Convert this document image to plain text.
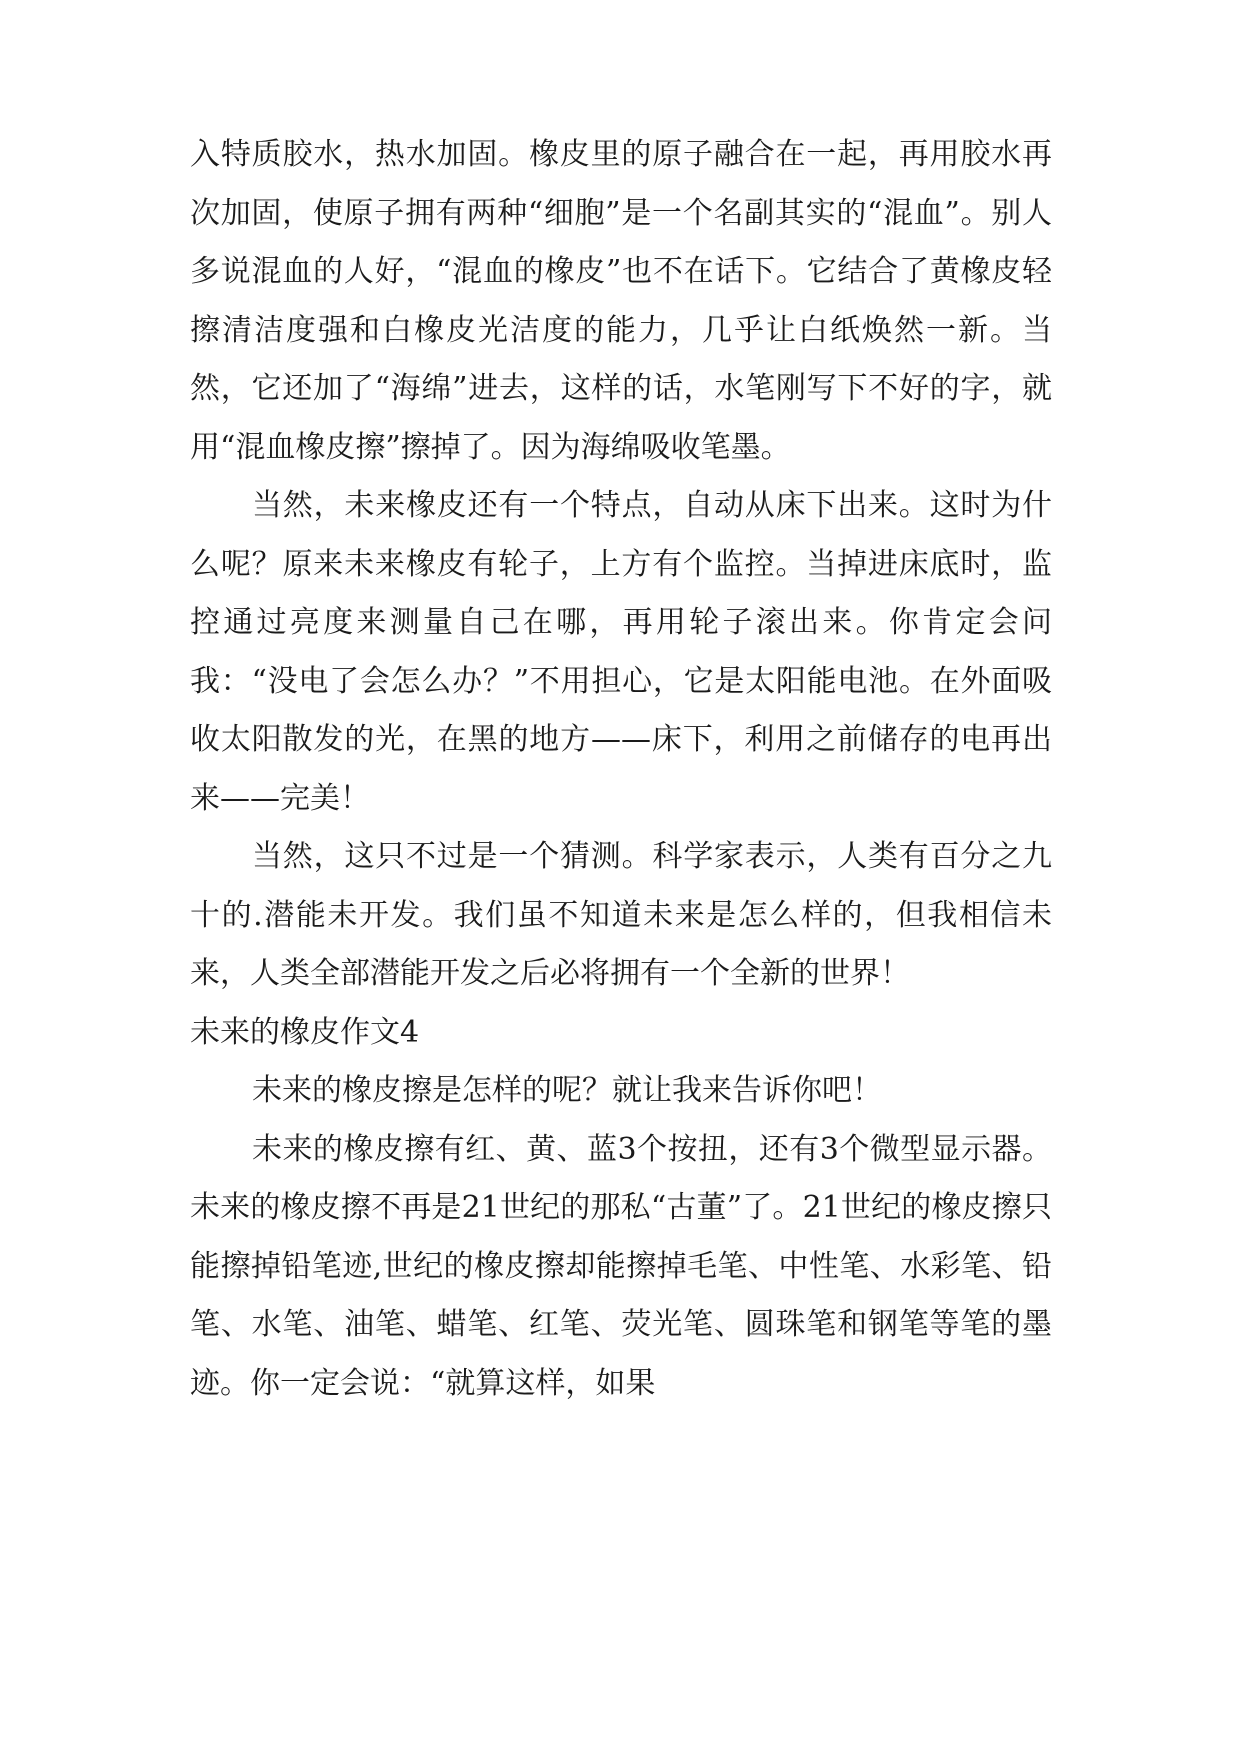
入特质胶水，热水加固。橡皮里的原子融合在一起，再用胶水再次加固，使原子拥有两种“细胞”是一个名副其实的“混血”。别人多说混血的人好，“混血的橡皮”也不在话下。它结合了黄橡皮轻擦清洁度强和白橡皮光洁度的能力，几乎让白纸焕然一新。当然，它还加了“海绵”进去，这样的话，水笔刚写下不好的字，就用“混血橡皮擦”擦掉了。因为海绵吸收笔墨。

当然，未来橡皮还有一个特点，自动从床下出来。这时为什么呢？原来未来橡皮有轮子，上方有个监控。当掉进床底时，监控通过亮度来测量自己在哪，再用轮子滚出来。你肯定会问我：“没电了会怎么办？”不用担心，它是太阳能电池。在外面吸收太阳散发的光，在黑的地方——床下，利用之前储存的电再出来——完美！

当然，这只不过是一个猜测。科学家表示，人类有百分之九十的.潜能未开发。我们虽不知道未来是怎么样的，但我相信未来，人类全部潜能开发之后必将拥有一个全新的世界！

未来的橡皮作文4

未来的橡皮擦是怎样的呢？就让我来告诉你吧！

未来的橡皮擦有红、黄、蓝3个按扭，还有3个微型显示器。未来的橡皮擦不再是21世纪的那私“古董”了。21世纪的橡皮擦只能擦掉铅笔迹,世纪的橡皮擦却能擦掉毛笔、中性笔、水彩笔、铅笔、水笔、油笔、蜡笔、红笔、荧光笔、圆珠笔和钢笔等笔的墨迹。你一定会说：“就算这样，如果
